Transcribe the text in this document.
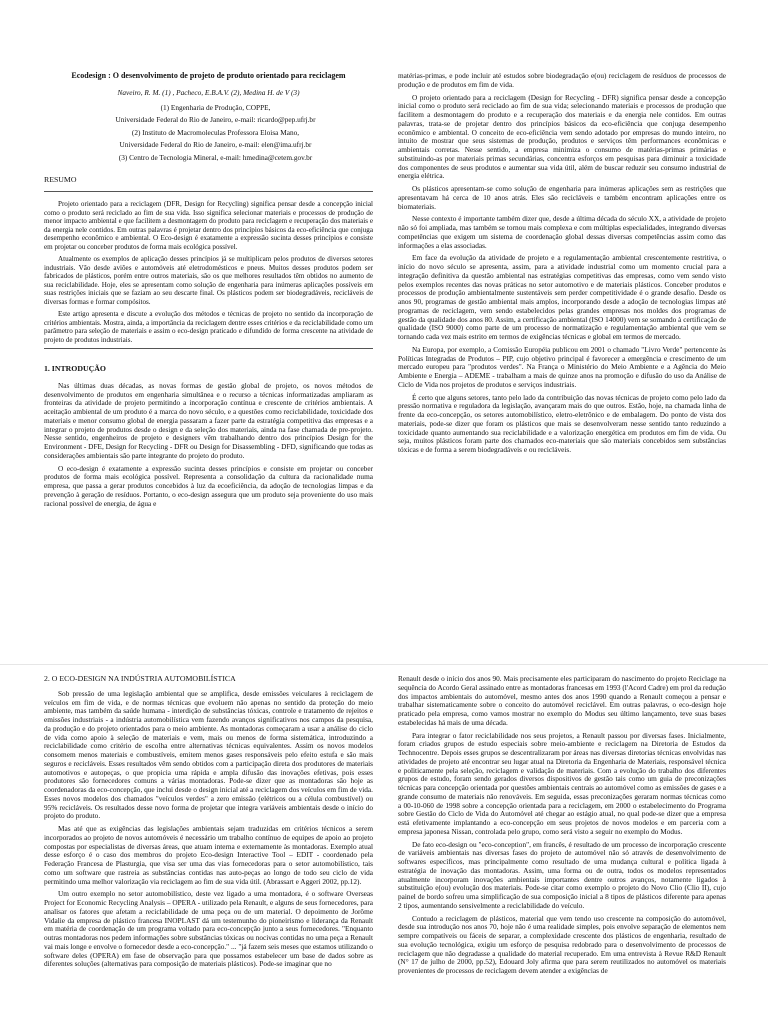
Ecodesign : O desenvolvimento de projeto de produto orientado para reciclagem
Naveiro, R. M. (1) , Pacheco, E.B.A.V. (2), Medina H. de V (3)

(1) Engenharia de Produção, COPPE,

Universidade Federal do Rio de Janeiro, e-mail: ricardo@pep.ufrj.br

(2) Instituto de Macromoleculas Professora Eloisa Mano,

Universidade Federal do Rio de Janeiro, e-mail: elen@ima.ufrj.br

(3) Centro de Tecnologia Mineral, e-mail: hmedina@cetem.gov.br

RESUMO

Projeto orientado para a reciclagem (DFR, Design for Recycling) significa pensar desde a concepção inicial como o produto será reciclado ao fim de sua vida. Isso significa selecionar materiais e processos de produção de menor impacto ambiental e que facilitem a desmontagem do produto para reciclagem e recuperação dos materiais e da energia nele contidos. Em outras palavras é projetar dentro dos princípios básicos da eco-eficiência que conjuga desempenho econômico e ambiental. O Eco-design é exatamente a expressão sucinta desses princípios e consiste em projetar ou conceber produtos de forma mais ecológica possível.

Atualmente os exemplos de aplicação desses princípios já se multiplicam pelos produtos de diversos setores industriais. Vão desde aviões e automóveis até eletrodomésticos e pneus. Muitos desses produtos podem ser fabricados de plásticos, porém entre outros materiais, são os que melhores resultados têm obtidos no aumento de sua reciclabilidade. Hoje, eles se apresentam como solução de engenharia para inúmeras aplicações possíveis em suas restrições iniciais que se faziam ao seu descarte final. Os plásticos podem ser biodegradáveis, recicláveis de diversas formas e formar compósitos.

Este artigo apresenta e discute a evolução dos métodos e técnicas de projeto no sentido da incorporação de critérios ambientais. Mostra, ainda, a importância da reciclagem dentre esses critérios e da reciclabilidade como um parâmetro para seleção de materiais e assim o eco-design praticado e difundido de forma crescente na atividade de projeto de produtos industriais.

1. INTRODUÇÃO

Nas últimas duas décadas, as novas formas de gestão global de projeto, os novos métodos de desenvolvimento de produtos em engenharia simultânea e o recurso a técnicas informatizadas ampliaram as fronteiras da atividade de projeto permitindo a incorporação contínua e crescente de critérios ambientais. A aceitação ambiental de um produto é a marca do novo século, e a questões como reciclabilidade, toxicidade dos materiais e menor consumo global de energia passaram a fazer parte da estratégia competitiva das empresas e a integrar o projeto de produtos desde o design e da seleção dos materiais, ainda na fase chamada de pre-projeto. Nesse sentido, engenheiros de projeto e designers vêm trabalhando dentro dos princípios Design for the Environment - DFE, Design for Recycling - DFR ou Design for Disassembling - DFD, significando que todas as considerações ambientais são parte integrante do projeto do produto.

O eco-design é exatamente a expressão sucinta desses princípios e consiste em projetar ou conceber produtos de forma mais ecológica possível. Representa a consolidação da cultura da racionalidade numa empresa, que passa a gerar produtos concebidos à luz da ecoeficiência, da adoção de tecnologias limpas e da prevenção à geração de resíduos. Portanto, o eco-design assegura que um produto seja proveniente do uso mais racional possível de energia, de água e

matérias-primas, e pode incluir até estudos sobre biodegradação e(ou) reciclagem de resíduos de processos de produção e de produtos em fim de vida.

O projeto orientado para a reciclagem (Design for Recycling - DFR) significa pensar desde a concepção inicial como o produto será reciclado ao fim de sua vida; selecionando materiais e processos de produção que facilitem a desmontagem do produto e a recuperação dos materiais e da energia nele contidos. Em outras palavras, trata-se de projetar dentro dos princípios básicos da eco-eficiência que conjuga desempenho econômico e ambiental. O conceito de eco-eficiência vem sendo adotado por empresas do mundo inteiro, no intuito de mostrar que seus sistemas de produção, produtos e serviços têm performances econômicas e ambientais corretas. Nesse sentido, a empresa minimiza o consumo de matérias-primas primárias e substituindo-as por materiais primas secundárias, concentra esforços em pesquisas para diminuir a toxicidade dos componentes de seus produtos e aumentar sua vida útil, além de buscar reduzir seu consumo industrial de energia elétrica.

Os plásticos apresentam-se como solução de engenharia para inúmeras aplicações sem as restrições que apresentavam há cerca de 10 anos atrás. Eles são recicláveis e também encontram aplicações entre os biomateriais.

Nesse contexto é importante também dizer que, desde a última década do século XX, a atividade de projeto não só foi ampliada, mas também se tornou mais complexa e com múltiplas especialidades, integrando diversas competências que exigem um sistema de coordenação global dessas diversas competências assim como das informações a elas associadas.

Em face da evolução da atividade de projeto e a regulamentação ambiental crescentemente restritiva, o início do novo século se apresenta, assim, para a atividade industrial como um momento crucial para a integração definitiva da questão ambiental nas estratégias competitivas das empresas, como vem sendo visto pelos exemplos recentes das novas práticas no setor automotivo e de materiais plásticos. Conceber produtos e processos de produção ambientalmente sustentáveis sem perder competitividade é o grande desafio. Desde os anos 90, programas de gestão ambiental mais amplos, incorporando desde a adoção de tecnologias limpas até programas de reciclagem, vem sendo estabelecidos pelas grandes empresas nos moldes dos programas de gestão da qualidade dos anos 80. Assim, a certificação ambiental (ISO 14000) vem se somando à certificação de qualidade (ISO 9000) como parte de um processo de normatização e regulamentação ambiental que vem se tornando cada vez mais estrito em termos de exigências técnicas e global em termos de mercado.

Na Europa, por exemplo, a Comissão Européia publicou em 2001 o chamado "Livro Verde" pertencente às Políticas Integradas de Produtos – PIP, cujo objetivo principal é favorecer a emergência e crescimento de um mercado europeu para "produtos verdes". Na França o Ministério do Meio Ambiente e a Agência do Meio Ambiente e Energia – ADEME - trabalham a mais de quinze anos na promoção e difusão do uso da Análise de Ciclo de Vida nos projetos de produtos e serviços industriais.

É certo que alguns setores, tanto pelo lado da contribuição das novas técnicas de projeto como pelo lado da pressão normativa e reguladora da legislação, avançaram mais do que outros. Estão, hoje, na chamada linha de frente da eco-concepção, os setores automobilístico, eletro-eletrônico e de embalagem. Do ponto de vista dos materiais, pode-se dizer que foram os plásticos que mais se desenvolveram nesse sentido tanto reduzindo a toxicidade quanto aumentando sua reciclabilidade e a valorização energética em produtos em fim de vida. Ou seja, muitos plásticos foram parte dos chamados eco-materiais que são materiais concebidos sem substâncias tóxicas e de forma a serem biodegradáveis e ou recicláveis.

2. O ECO-DESIGN NA INDÚSTRIA AUTOMOBILÍSTICA

Sob pressão de uma legislação ambiental que se amplifica, desde emissões veiculares à reciclagem de veículos em fim de vida, e de normas técnicas que evoluem não apenas no sentido da proteção do meio ambiente, mas também da saúde humana - interdição de substâncias tóxicas, controle e tratamento de rejeitos e emissões industriais - a indústria automobilística vem fazendo avanços significativos nos campos da pesquisa, da produção e do projeto orientados para o meio ambiente. As montadoras começaram a usar a análise do ciclo de vida como apoio à seleção de materiais e vem, mais ou menos de forma sistemática, introduzindo a reciclabilidade como critério de escolha entre alternativas técnicas equivalentes. Assim os novos modelos consomem menos materiais e combustíveis, emitem menos gases responsáveis pelo efeito estufa e são mais seguros e recicláveis. Esses resultados vêm sendo obtidos com a participação direta dos produtores de materiais automotivos e autopeças, o que propicia uma rápida e ampla difusão das inovações efetivas, pois esses produtores são fornecedores comuns a várias montadoras. Pode-se dizer que as montadoras são hoje as coordenadoras da eco-concepção, que inclui desde o design inicial até a reciclagem dos veículos em fim de vida. Esses novos modelos dos chamados "veículos verdes" a zero emissão (elétricos ou a célula combustível) ou 95% recicláveis. Os resultados desse novo forma de projetar que integra variáveis ambientais desde o início do projeto do produto.

Mas até que as exigências das legislações ambientais sejam traduzidas em critérios técnicos a serem incorporados ao projeto de novos automóveis é necessário um trabalho contínuo de equipes de apoio ao projeto compostas por especialistas de diversas áreas, que atuam interna e externamente às montadoras. Exemplo atual desse esforço é o caso dos membros do projeto Eco-design Interactive Tool – EDIT - coordenado pela Federação Francesa de Plasturgia, que visa ser uma das vias fornecedoras para o setor automobilístico, tais como um software que rastreia as substâncias contidas nas auto-peças ao longo de todo seu ciclo de vida permitindo uma melhor valorização via reciclagem ao fim de sua vida útil. (Abrassart e Aggeri 2002, pp.12).

Um outro exemplo no setor automobilístico, deste vez ligado a uma montadora, é o software Overseas Project for Economic Recycling Analysis – OPERA - utilizado pela Renault, e alguns de seus fornecedores, para analisar os fatores que afetam a reciclabilidade de uma peça ou de um material. O depoimento de Jorôme Vidalie da empresa de plástico francesa INOPLAST dá um testemunho do pioneirismo e liderança da Renault em matéria de coordenação de um programa voltado para eco-concepção junto a seus fornecedores. "Enquanto outras montadoras nos pedem informações sobre substâncias tóxicas ou nocivas contidas no uma peça a Renault vai mais longe e envolve o fornecedor desde a eco-concepção." ... "já fazem seis meses que estamos utilizando o software deles (OPERA) em fase de observação para que possamos estabelecer um base de dados sobre as diferentes soluções (alternativas para composição de materiais plásticos). Pode-se imaginar que no

Renault desde o início dos anos 90. Mais precisamente eles participaram do nascimento do projeto Reciclage na sequência do Acordo Geral assinado entre as montadoras francesas em 1993 (l'Acord Cadre) em prol da redução dos impactos ambientais do automóvel, mesmo antes dos anos 1990 quando a Renault começou a pensar e trabalhar sistematicamente sobre o conceito do automóvel reciclável. Em outras palavras, o eco-design hoje praticado pela empresa, como vamos mostrar no exemplo do Modus seu último lançamento, teve suas bases estabelecidas há mais de uma década.

Para integrar o fator reciclabilidade nos seus projetos, a Renault passou por diversas fases. Inicialmente, foram criados grupos de estudo especiais sobre meio-ambiente e reciclagem na Diretoria de Estudos da Technocentre. Depois esses grupos se descentralizaram por áreas nas diversas diretorias técnicas envolvidas nas atividades de projeto até encontrar seu lugar atual na Diretoria da Engenharia de Materiais, responsável técnica e politicamente pela seleção, reciclagem e validação de materiais. Com a evolução do trabalho dos diferentes grupos de estudo, foram sendo gerados diversos dispositivos de gestão tais como um guia de preconizações técnicas para concepção orientada por questões ambientais centrais ao automóvel como as emissões de gases e a grande consumo de materiais não renováveis. Em seguida, essas preconizações geraram normas técnicas como a 00-10-060 de 1998 sobre a concepção orientada para a reciclagem, em 2000 o estabelecimento do Programa sobre Gestão do Ciclo de Vida do Automóvel até chegar ao estágio atual, no qual pode-se dizer que a empresa está efetivamente implantando a eco-concepção em seus projetos de novos modelos e em parceria com a empresa japonesa Nissan, controlada pelo grupo, como será visto a seguir no exemplo do Modus.

De fato eco-design ou "eco-conception", em francês, é resultado de um processo de incorporação crescente de variáveis ambientais nas diversas fases do projeto de automóvel não só através de desenvolvimento de softwares específicos, mas principalmente como resultado de uma mudança cultural e política ligada à estratégia de inovação das montadoras. Assim, uma forma ou de outra, todos os modelos representados atualmente incorporam inovações ambientais importantes dentre outros avanços, notamente ligados à substituição e(ou) evolução dos materiais. Pode-se citar como exemplo o projeto do Novo Clio (Clio II), cujo painel de bordo sofreu uma simplificação de sua composição inicial a 8 tipos de plásticos diferente para apenas 2 tipos, aumentando sensivelmente a reciclabilidade do veículo.

Contudo a reciclagem de plásticos, material que vem tendo uso crescente na composição do automóvel, desde sua introdução nos anos 70, hoje não é uma realidade simples, pois envolve separação de elementos nem sempre compatíveis ou fáceis de separar, a complexidade crescente dos plásticos de engenharia, resultado de sua evolução tecnológica, exigiu um esforço de pesquisa redobrado para o desenvolvimento de processos de reciclagem que não degradasse a qualidade do material recuperado. Em uma entrevista à Revue R&D Renault (N° 17 de julho de 2000, pp.52), Edouard Joly afirma que para serem reutilizados no automóvel os materiais provenientes de processos de reciclagem devem atender a exigências de
